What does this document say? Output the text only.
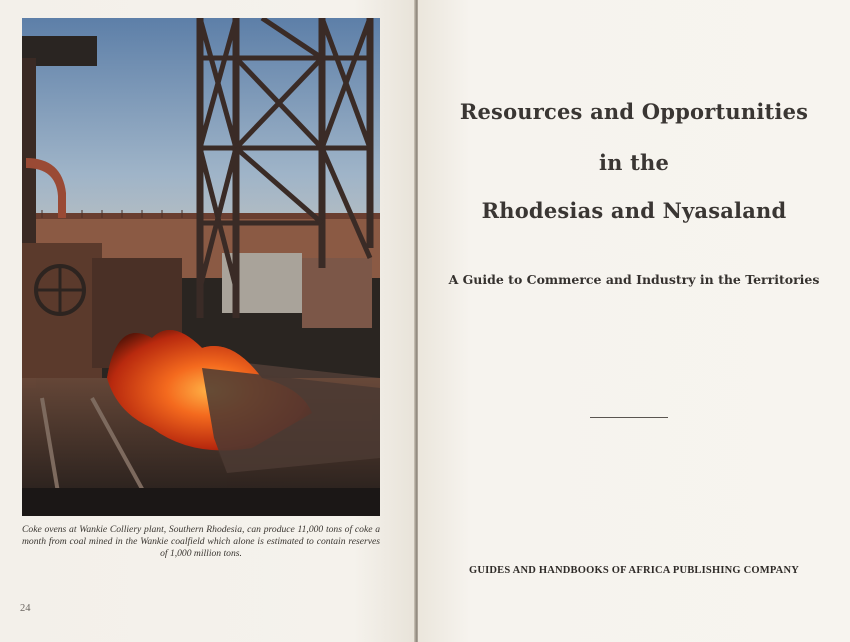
Coke ovens at Wankie Colliery plant, Southern Rhodesia, can produce 11,000 tons of coke a month from coal mined in the Wankie coalfield which alone is estimated to contain reserves of 1,000 million tons.
24
Resources and Opportunities
in the
Rhodesias and Nyasaland
A Guide to Commerce and Industry in the Territories
GUIDES AND HANDBOOKS OF AFRICA PUBLISHING COMPANY
